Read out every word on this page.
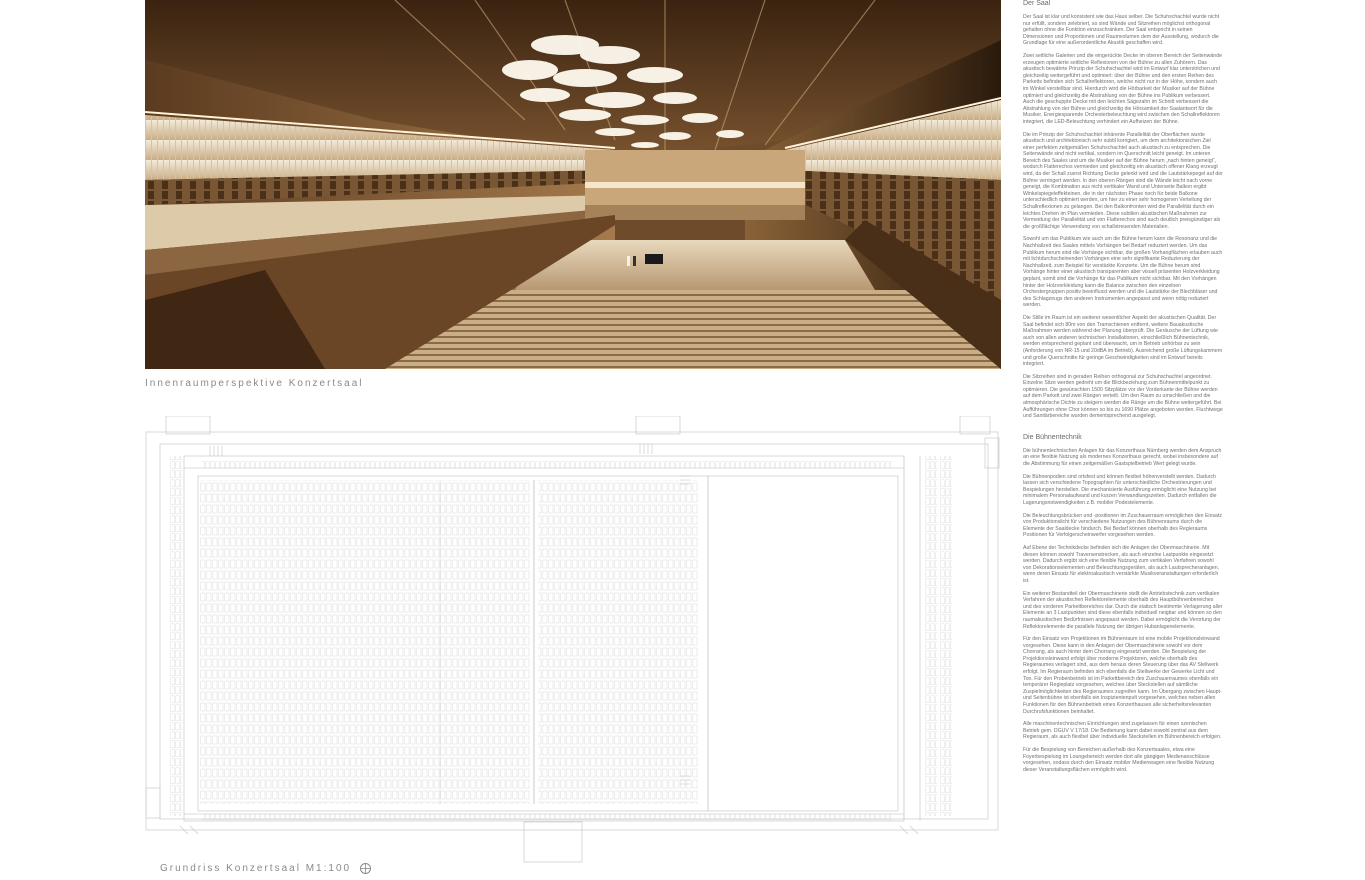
Innenraumperspektive Konzertsaal
Grundriss Konzertsaal M1:100
Der Saal

Der Saal ist klar und konsistent wie das Haus selber. Die Schuhschachtel wurde nicht nur erfüllt, sondern zelebriert, so sind Wände und Sitzreihen möglichst orthogonal gehalten ohne die Funktion einzuschränken. Der Saal entspricht in seinen Dimensionen und Proportionen und Raumvolumen dem der Ausstellung, wodurch die Grundlage für eine außerordentliche Akustik geschaffen wird.

Zwei seitliche Galerien und die eingerückte Decke im oberen Bereich der Seitenwände erzeugen optimierte seitliche Reflexionen von der Bühne zu allen Zuhörern. Das akustisch bewährte Prinzip der Schuhschachtel wird im Entwurf klar unterstrichen und gleichzeitig weitergeführt und optimiert: über der Bühne und den ersten Reihen des Parketts befinden sich Schallreflektoren, welche nicht nur in der Höhe, sondern auch im Winkel verstellbar sind. Hierdurch wird die Hörbarkeit der Musiker auf der Bühne optimiert und gleichzeitig die Abstrahlung von der Bühne ins Publikum verbessert. Auch die geschuppte Decke mit den leichten Sägezahn im Schnitt verbessert die Abstrahlung von der Bühne und gleichzeitig die Hörsamkeit der Saalantwort für die Musiker. Energiesparende Orchesterbeleuchtung wird zwischen den Schallreflektoren integriert, die LED-Beleuchtung verhindert ein Aufheizen der Bühne.

Die im Prinzip der Schuhschachtel inhärente Parallelität der Oberflächen wurde akustisch und architektonisch sehr subtil korrigiert, um dem architektonischen Ziel einer perfekten zeitgemäßen Schuhschachtel auch akustisch zu entsprechen. Die Seitenwände sind nicht vertikal, sondern im Querschnitt leicht geneigt. Im unteren Bereich des Saales und um die Musiker auf der Bühne herum „nach hinten geneigt“, wodurch Flatterechos vermieden und gleichzeitig ein akustisch offener Klang erzeugt wird, da der Schall zuerst Richtung Decke gelenkt wird und die Lautstärkepegel auf der Bühne verringert werden. In den oberen Rängen sind die Wände leicht nach vorne geneigt, die Kombination aus nicht vertikaler Wand und Unterseite Balkon ergibt Winkelspiegeleffekteinen, die in der nächsten Phase noch für beide Balkone unterschiedlich optimiert werden, um hier zu einer sehr homogenen Verteilung der Schallreflexionen zu gelangen. Bei den Balkonfronten wird die Parallelität durch ein leichtes Drehen im Plan vermieden. Diese subtilen akustischen Maßnahmen zur Vermeidung der Parallelität und von Flatterechos sind auch deutlich preisgünstiger als die großflächige Verwendung von schallstreuenden Materialien.

Sowohl um das Publikum wie auch um die Bühne herum kann die Resonanz und die Nachhallzeit des Saales mittels Vorhängen bei Bedarf reduziert werden. Um das Publikum herum sind die Vorhänge sichtbar, die großen Vorhangflächen erlauben auch mit lichtdurchscheinenden Vorhängen eine sehr signifikante Reduzierung der Nachhallzeit, zum Beispiel für verstärkte Konzerte. Um die Bühne herum sind Vorhänge hinter einer akustisch transparenten aber visuell präsenten Holzverkleidung geplant, somit sind die Vorhänge für das Publikum nicht sichtbar. Mit den Vorhängen hinter der Holzverkleidung kann die Balance zwischen den einzelnen Orchestergruppen positiv beeinflusst werden und die Lautstärke der Blechbläser und des Schlagzeugs den anderen Instrumenten angepasst und wenn nötig reduziert werden.

Die Stille im Raum ist ein weiterer wesentlicher Aspekt der akustischen Qualität. Der Saal befindet sich 80m von den Tramschienen entfernt, weitere Bauakustische Maßnahmen werden während der Planung überprüft. Die Geräusche der Lüftung wie auch von allen anderen technischen Installationen, einschließlich Bühnentechnik, werden entsprechend geplant und überwacht, um in Betrieb unhörbar zu sein (Anforderung von NR-15 und 20dBA im Betrieb). Ausreichend große Lüftungskammern und große Querschnitte für geringe Geschwindigkeiten sind im Entwurf bereits integriert.

Die Sitzreihen sind in geraden Reihen orthogonal zur Schuhschachtel angeordnet. Einzelne Sitze werden gedreht um die Blickbeziehung zum Bühnenmittelpunkt zu optimieren. Die gewünschten 1500 Sitzplätze vor der Vorderkante der Bühne werden auf dem Parkett und zwei Rängen verteilt. Um den Raum zu umschließen und die atmosphärische Dichte zu steigern werden die Ränge um die Bühne weitergeführt. Bei Aufführungen ohne Chor können so bis zu 1690 Plätze angeboten werden. Fluchtwege und Sanitärbereiche wurden dementsprechend ausgelegt.

Die Bühnentechnik

Die bühnentechnischen Anlagen für das Konzerthaus Nürnberg werden dem Anspruch an eine flexible Nutzung als modernes Konzerthaus gerecht, wobei insbesondere auf die Abstimmung für einen zeitgemäßen Gastspielbetrieb Wert gelegt wurde.

Die Bühnenpodien sind ortsfest und können flexibel höhenverstellt werden. Dadurch lassen sich verschiedene Topographien für unterschiedliche Orchestrierungen und Bespielungen herstellen. Die mechanisierte Ausführung ermöglicht eine Nutzung bei minimalem Personalaufwand und kurzen Verwandlungszeiten. Dadurch entfallen die Lagerungsnotwendigkeiten z.B. mobiler Podestelemente.

Die Beleuchtungsbrücken und -positionen im Zuschauerraum ermöglichen den Einsatz von Produktionslicht für verschiedene Nutzungen des Bühnenraums durch die Elemente der Saaldecke hindurch. Bei Bedarf können oberhalb des Regieraums Positionen für Verfolgerscheinwerfer vorgesehen werden.

Auf Ebene der Technikdecke befinden sich die Anlagen der Obermaschinerie. Mit diesen können sowohl Traversenstrecken, als auch einzelne Lastpunkte eingesetzt werden. Dadurch ergibt sich eine flexible Nutzung zum vertikalen Verfahren sowohl von Dekorationselementen und Beleuchtungsgeräten, als auch Lautsprecheranlagen, wenn deren Einsatz für elektroakustisch verstärkte Musikveranstaltungen erforderlich ist.

Ein weiterer Bestandteil der Obermaschinerie stellt die Antriebstechnik zum vertikalen Verfahren der akustischen Reflektorelemente oberhalb des Hauptbühnenbereiches und des vorderen Parkettbereiches dar. Durch die statisch bestimmte Verlagerung aller Elemente an 3 Lastpunkten sind diese ebenfalls individuell neigbar und können so den raumakustischen Bedürfnissen angepasst werden. Dabei ermöglicht die Verortung der Reflektorelemente die parallele Nutzung der übrigen Hubanlagenelemente.

Für den Einsatz von Projektionen im Bühnenraum ist eine mobile Projektionsleinwand vorgesehen. Diese kann in den Anlagen der Obermaschinerie sowohl vor dem Chorrang, als auch hinter dem Chorrang eingesetzt werden. Die Bespielung der Projektionsleinwand erfolgt über moderne Projektoren, welche oberhalb des Regieraumes verlagert sind, aus dem heraus deren Steuerung über das AV Stellwerk erfolgt. Im Regieraum befinden sich ebenfalls die Stellwerke der Gewerke Licht und Ton. Für den Probenbetrieb ist im Parkettbereich des Zuschauerraumes ebenfalls ein temporärer Regieplatz vorgesehen, welches über Steckstellen auf sämtliche Zuspielmöglichkeiten des Regieraumes zugreifen kann. Im Übergang zwischen Haupt- und Seitenbühne ist ebenfalls ein Inspizientenpult vorgesehen, welches neben allen Funktionen für den Bühnenbetrieb eines Konzerthauses alle sicherheitsrelevanten Durchrufsfunktionen beinhaltet.

Alle maschinentechnischen Einrichtungen sind zugelassen für einen szenischen Betrieb gem. DGUV V 17/18. Die Bedienung kann dabei sowohl zentral aus dem Regieraum, als auch flexibel über individuelle Steckstellen im Bühnenbereich erfolgen.

Für die Bespielung von Bereichen außerhalb des Konzertsaales, etwa eine Foyerbespielung im Loungebereich werden dort alle gängigen Medienanschlüsse vorgesehen, sodass durch den Einsatz mobiler Medienwagen eine flexible Nutzung dieser Veranstaltungsflächen ermöglicht wird.
